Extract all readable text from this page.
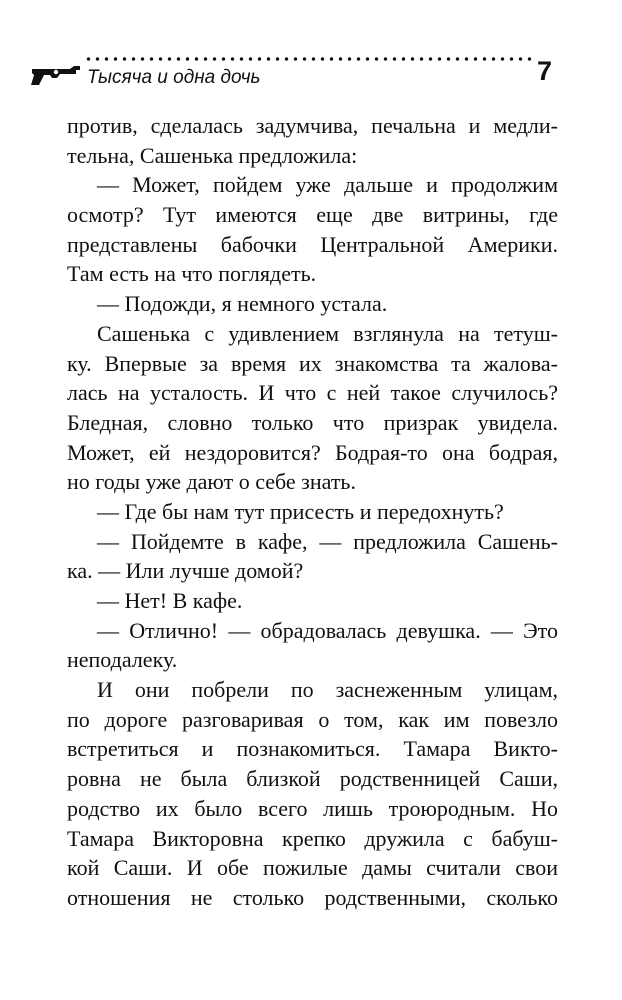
Тысяча и одна дочь	7
против, сделалась задумчива, печальна и медли-
тельна, Сашенька предложила:
— Может, пойдем уже дальше и продолжим
осмотр? Тут имеются еще две витрины, где
представлены бабочки Центральной Америки.
Там есть на что поглядеть.
— Подожди, я немного устала.
Сашенька с удивлением взглянула на тетуш-
ку. Впервые за время их знакомства та жалова-
лась на усталость. И что с ней такое случилось?
Бледная, словно только что призрак увидела.
Может, ей нездоровится? Бодрая-то она бодрая,
но годы уже дают о себе знать.
— Где бы нам тут присесть и передохнуть?
— Пойдемте в кафе, — предложила Сашень-
ка. — Или лучше домой?
— Нет! В кафе.
— Отлично! — обрадовалась девушка. — Это
неподалеку.
И они побрели по заснеженным улицам,
по дороге разговаривая о том, как им повезло
встретиться и познакомиться. Тамара Викто-
ровна не была близкой родственницей Саши,
родство их было всего лишь троюродным. Но
Тамара Викторовна крепко дружила с бабуш-
кой Саши. И обе пожилые дамы считали свои
отношения не столько родственными, сколько
